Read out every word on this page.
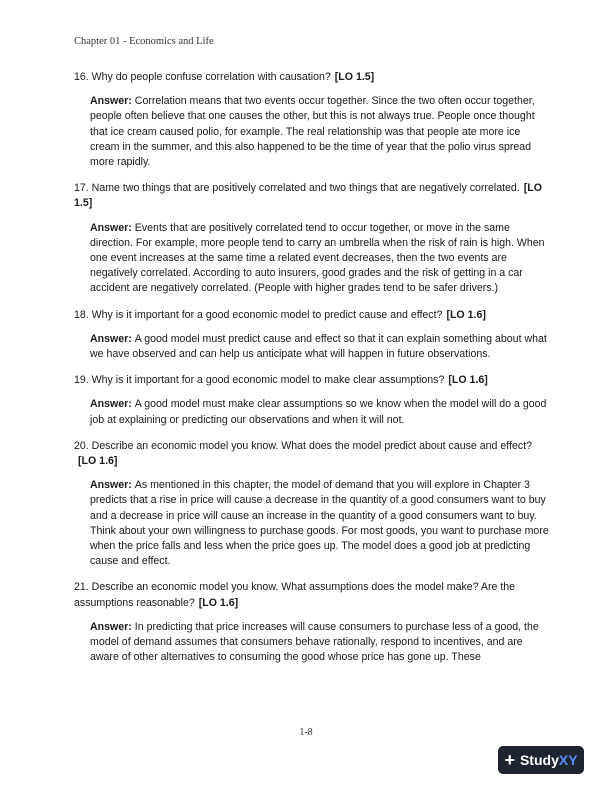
Chapter 01 - Economics and Life

16. Why do people confuse correlation with causation? [LO 1.5]

Answer: Correlation means that two events occur together. Since the two often occur together, people often believe that one causes the other, but this is not always true. People once thought that ice cream caused polio, for example. The real relationship was that people ate more ice cream in the summer, and this also happened to be the time of year that the polio virus spread more rapidly.

17. Name two things that are positively correlated and two things that are negatively correlated. [LO 1.5]

Answer: Events that are positively correlated tend to occur together, or move in the same direction. For example, more people tend to carry an umbrella when the risk of rain is high. When one event increases at the same time a related event decreases, then the two events are negatively correlated. According to auto insurers, good grades and the risk of getting in a car accident are negatively correlated. (People with higher grades tend to be safer drivers.)

18. Why is it important for a good economic model to predict cause and effect? [LO 1.6]

Answer: A good model must predict cause and effect so that it can explain something about what we have observed and can help us anticipate what will happen in future observations.

19. Why is it important for a good economic model to make clear assumptions? [LO 1.6]

Answer: A good model must make clear assumptions so we know when the model will do a good job at explaining or predicting our observations and when it will not.

20. Describe an economic model you know. What does the model predict about cause and effect?[LO 1.6]

Answer: As mentioned in this chapter, the model of demand that you will explore in Chapter 3 predicts that a rise in price will cause a decrease in the quantity of a good consumers want to buy and a decrease in price will cause an increase in the quantity of a good consumers want to buy. Think about your own willingness to purchase goods. For most goods, you want to purchase more when the price falls and less when the price goes up. The model does a good job at predicting cause and effect.

21. Describe an economic model you know. What assumptions does the model make? Are the assumptions reasonable? [LO 1.6]

Answer: In predicting that price increases will cause consumers to purchase less of a good, the model of demand assumes that consumers behave rationally, respond to incentives, and are aware of other alternatives to consuming the good whose price has gone up. These

1-8
+ StudyXY
